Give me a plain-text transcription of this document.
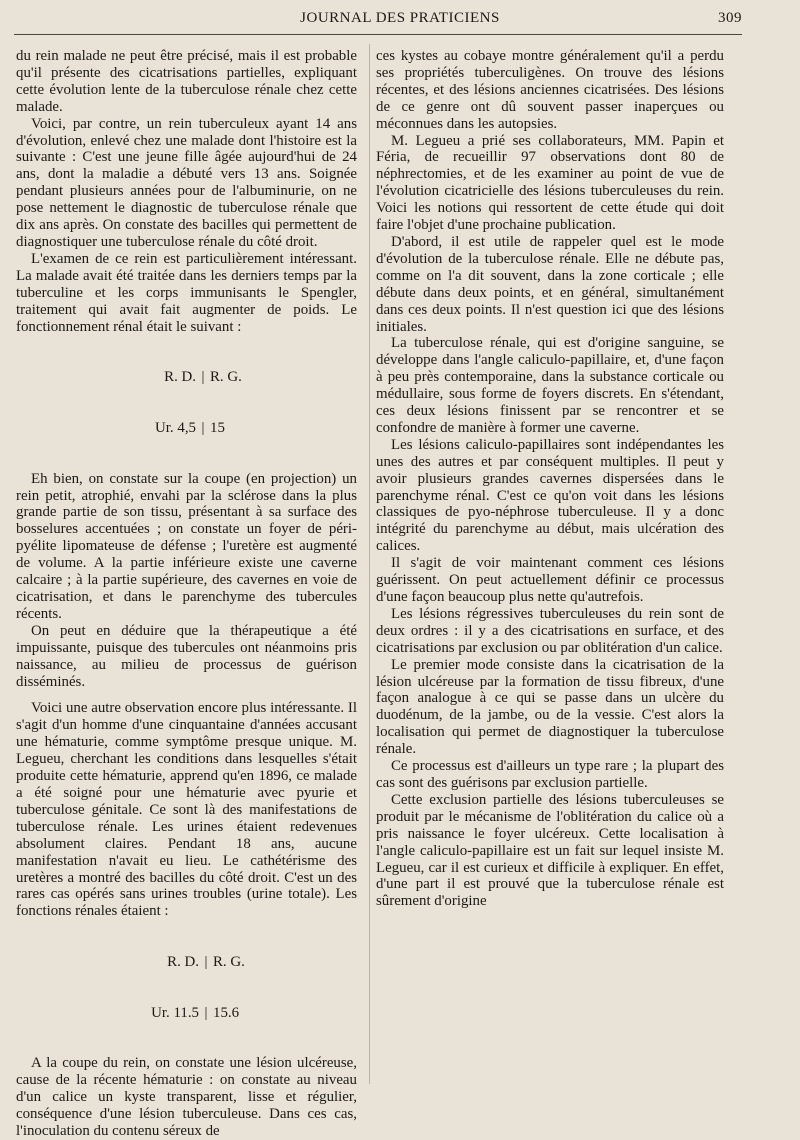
JOURNAL DES PRATICIENS	309

du rein malade ne peut être précisé, mais il est probable qu'il présente des cicatrisations partielles, expliquant cette évolution lente de la tuberculose rénale chez cette malade.

Voici, par contre, un rein tuberculeux ayant 14 ans d'évolution, enlevé chez une malade dont l'histoire est la suivante : C'est une jeune fille âgée aujourd'hui de 24 ans, dont la maladie a débuté vers 13 ans. Soignée pendant plusieurs années pour de l'albuminurie, on ne pose nettement le diagnostic de tuberculose rénale que dix ans après. On constate des bacilles qui permettent de diagnostiquer une tuberculose rénale du côté droit.

L'examen de ce rein est particulièrement intéressant. La malade avait été traitée dans les derniers temps par la tuberculine et les corps immunisants le Spengler, traitement qui avait fait augmenter de poids. Le fonctionnement rénal était le suivant :

R. D. | R. G.

Ur. 4,5 | 15

Eh bien, on constate sur la coupe (en projection) un rein petit, atrophié, envahi par la sclérose dans la plus grande partie de son tissu, présentant à sa surface des bosselures accentuées ; on constate un foyer de péri-pyélite lipomateuse de défense ; l'uretère est augmenté de volume. A la partie inférieure existe une caverne calcaire ; à la partie supérieure, des cavernes en voie de cicatrisation, et dans le parenchyme des tubercules récents.

On peut en déduire que la thérapeutique a été impuissante, puisque des tubercules ont néanmoins pris naissance, au milieu de processus de guérison disséminés.

Voici une autre observation encore plus intéressante. Il s'agit d'un homme d'une cinquantaine d'années accusant une hématurie, comme symptôme presque unique. M. Legueu, cherchant les conditions dans lesquelles s'était produite cette hématurie, apprend qu'en 1896, ce malade a été soigné pour une hématurie avec pyurie et tuberculose génitale. Ce sont là des manifestations de tuberculose rénale. Les urines étaient redevenues absolument claires. Pendant 18 ans, aucune manifestation n'avait eu lieu. Le cathétérisme des uretères a montré des bacilles du côté droit. C'est un des rares cas opérés sans urines troubles (urine totale). Les fonctions rénales étaient :

R. D. | R. G.

Ur. 11.5 | 15.6

A la coupe du rein, on constate une lésion ulcéreuse, cause de la récente hématurie : on constate au niveau d'un calice un kyste transparent, lisse et régulier, conséquence d'une lésion tuberculeuse. Dans ces cas, l'inoculation du contenu séreux de

ces kystes au cobaye montre généralement qu'il a perdu ses propriétés tuberculigènes. On trouve des lésions récentes, et des lésions anciennes cicatrisées. Des lésions de ce genre ont dû souvent passer inaperçues ou méconnues dans les autopsies.

M. Legueu a prié ses collaborateurs, MM. Papin et Féria, de recueillir 97 observations dont 80 de néphrectomies, et de les examiner au point de vue de l'évolution cicatricielle des lésions tuberculeuses du rein. Voici les notions qui ressortent de cette étude qui doit faire l'objet d'une prochaine publication.

D'abord, il est utile de rappeler quel est le mode d'évolution de la tuberculose rénale. Elle ne débute pas, comme on l'a dit souvent, dans la zone corticale ; elle débute dans deux points, et en général, simultanément dans ces deux points. Il n'est question ici que des lésions initiales.

La tuberculose rénale, qui est d'origine sanguine, se développe dans l'angle caliculo-papillaire, et, d'une façon à peu près contemporaine, dans la substance corticale ou médullaire, sous forme de foyers discrets. En s'étendant, ces deux lésions finissent par se rencontrer et se confondre de manière à former une caverne.

Les lésions caliculo-papillaires sont indépendantes les unes des autres et par conséquent multiples. Il peut y avoir plusieurs grandes cavernes dispersées dans le parenchyme rénal. C'est ce qu'on voit dans les lésions classiques de pyo-néphrose tuberculeuse. Il y a donc intégrité du parenchyme au début, mais ulcération des calices.

Il s'agit de voir maintenant comment ces lésions guérissent. On peut actuellement définir ce processus d'une façon beaucoup plus nette qu'autrefois.

Les lésions régressives tuberculeuses du rein sont de deux ordres : il y a des cicatrisations en surface, et des cicatrisations par exclusion ou par oblitération d'un calice.

Le premier mode consiste dans la cicatrisation de la lésion ulcéreuse par la formation de tissu fibreux, d'une façon analogue à ce qui se passe dans un ulcère du duodénum, de la jambe, ou de la vessie. C'est alors la localisation qui permet de diagnostiquer la tuberculose rénale.

Ce processus est d'ailleurs un type rare ; la plupart des cas sont des guérisons par exclusion partielle.

Cette exclusion partielle des lésions tuberculeuses se produit par le mécanisme de l'oblitération du calice où a pris naissance le foyer ulcéreux. Cette localisation à l'angle caliculo-papillaire est un fait sur lequel insiste M. Legueu, car il est curieux et difficile à expliquer. En effet, d'une part il est prouvé que la tuberculose rénale est sûrement d'origine
